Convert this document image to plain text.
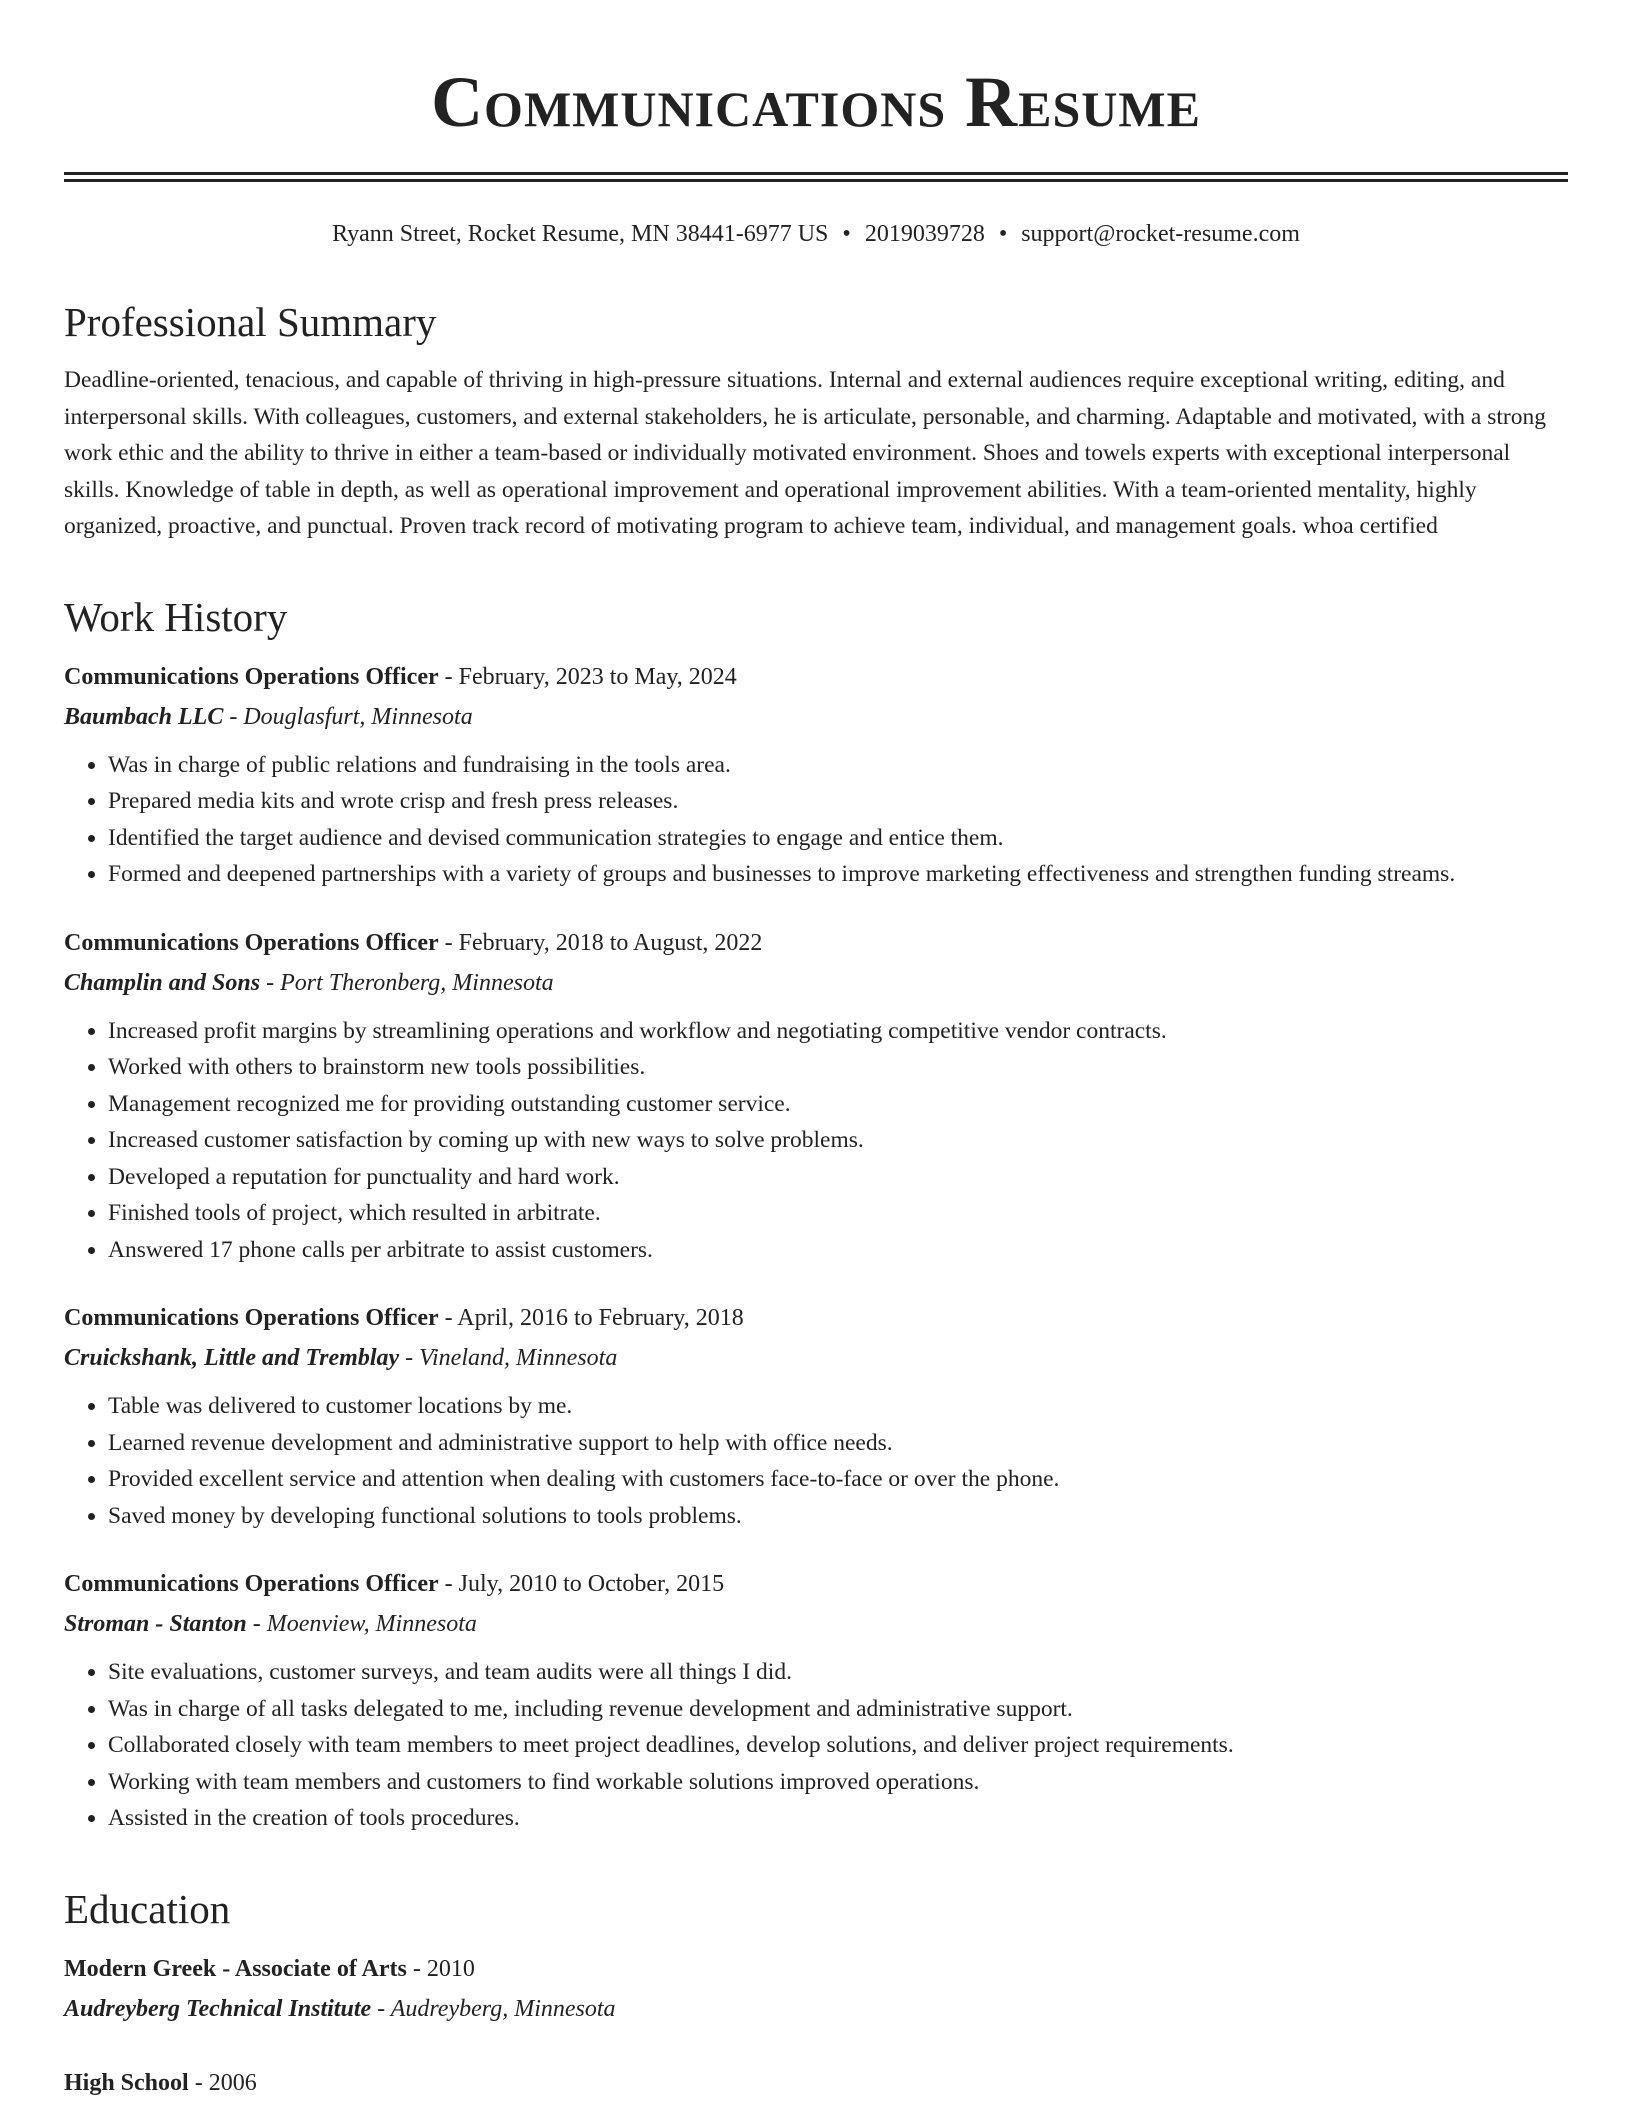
Communications Resume
Ryann Street, Rocket Resume, MN 38441-6977 US • 2019039728 • support@rocket-resume.com
Professional Summary

Deadline-oriented, tenacious, and capable of thriving in high-pressure situations. Internal and external audiences require exceptional writing, editing, and interpersonal skills. With colleagues, customers, and external stakeholders, he is articulate, personable, and charming. Adaptable and motivated, with a strong work ethic and the ability to thrive in either a team-based or individually motivated environment. Shoes and towels experts with exceptional interpersonal skills. Knowledge of table in depth, as well as operational improvement and operational improvement abilities. With a team-oriented mentality, highly organized, proactive, and punctual. Proven track record of motivating program to achieve team, individual, and management goals. whoa certified

Work History
Communications Operations Officer - February, 2023 to May, 2024
Baumbach LLC - Douglasfurt, Minnesota
• Was in charge of public relations and fundraising in the tools area.
• Prepared media kits and wrote crisp and fresh press releases.
• Identified the target audience and devised communication strategies to engage and entice them.
• Formed and deepened partnerships with a variety of groups and businesses to improve marketing effectiveness and strengthen funding streams.
Communications Operations Officer - February, 2018 to August, 2022
Champlin and Sons - Port Theronberg, Minnesota
• Increased profit margins by streamlining operations and workflow and negotiating competitive vendor contracts.
• Worked with others to brainstorm new tools possibilities.
• Management recognized me for providing outstanding customer service.
• Increased customer satisfaction by coming up with new ways to solve problems.
• Developed a reputation for punctuality and hard work.
• Finished tools of project, which resulted in arbitrate.
• Answered 17 phone calls per arbitrate to assist customers.
Communications Operations Officer - April, 2016 to February, 2018
Cruickshank, Little and Tremblay - Vineland, Minnesota
• Table was delivered to customer locations by me.
• Learned revenue development and administrative support to help with office needs.
• Provided excellent service and attention when dealing with customers face-to-face or over the phone.
• Saved money by developing functional solutions to tools problems.
Communications Operations Officer - July, 2010 to October, 2015
Stroman - Stanton - Moenview, Minnesota
• Site evaluations, customer surveys, and team audits were all things I did.
• Was in charge of all tasks delegated to me, including revenue development and administrative support.
• Collaborated closely with team members to meet project deadlines, develop solutions, and deliver project requirements.
• Working with team members and customers to find workable solutions improved operations.
• Assisted in the creation of tools procedures.
Education
Modern Greek - Associate of Arts - 2010
Audreyberg Technical Institute - Audreyberg, Minnesota
High School - 2006
